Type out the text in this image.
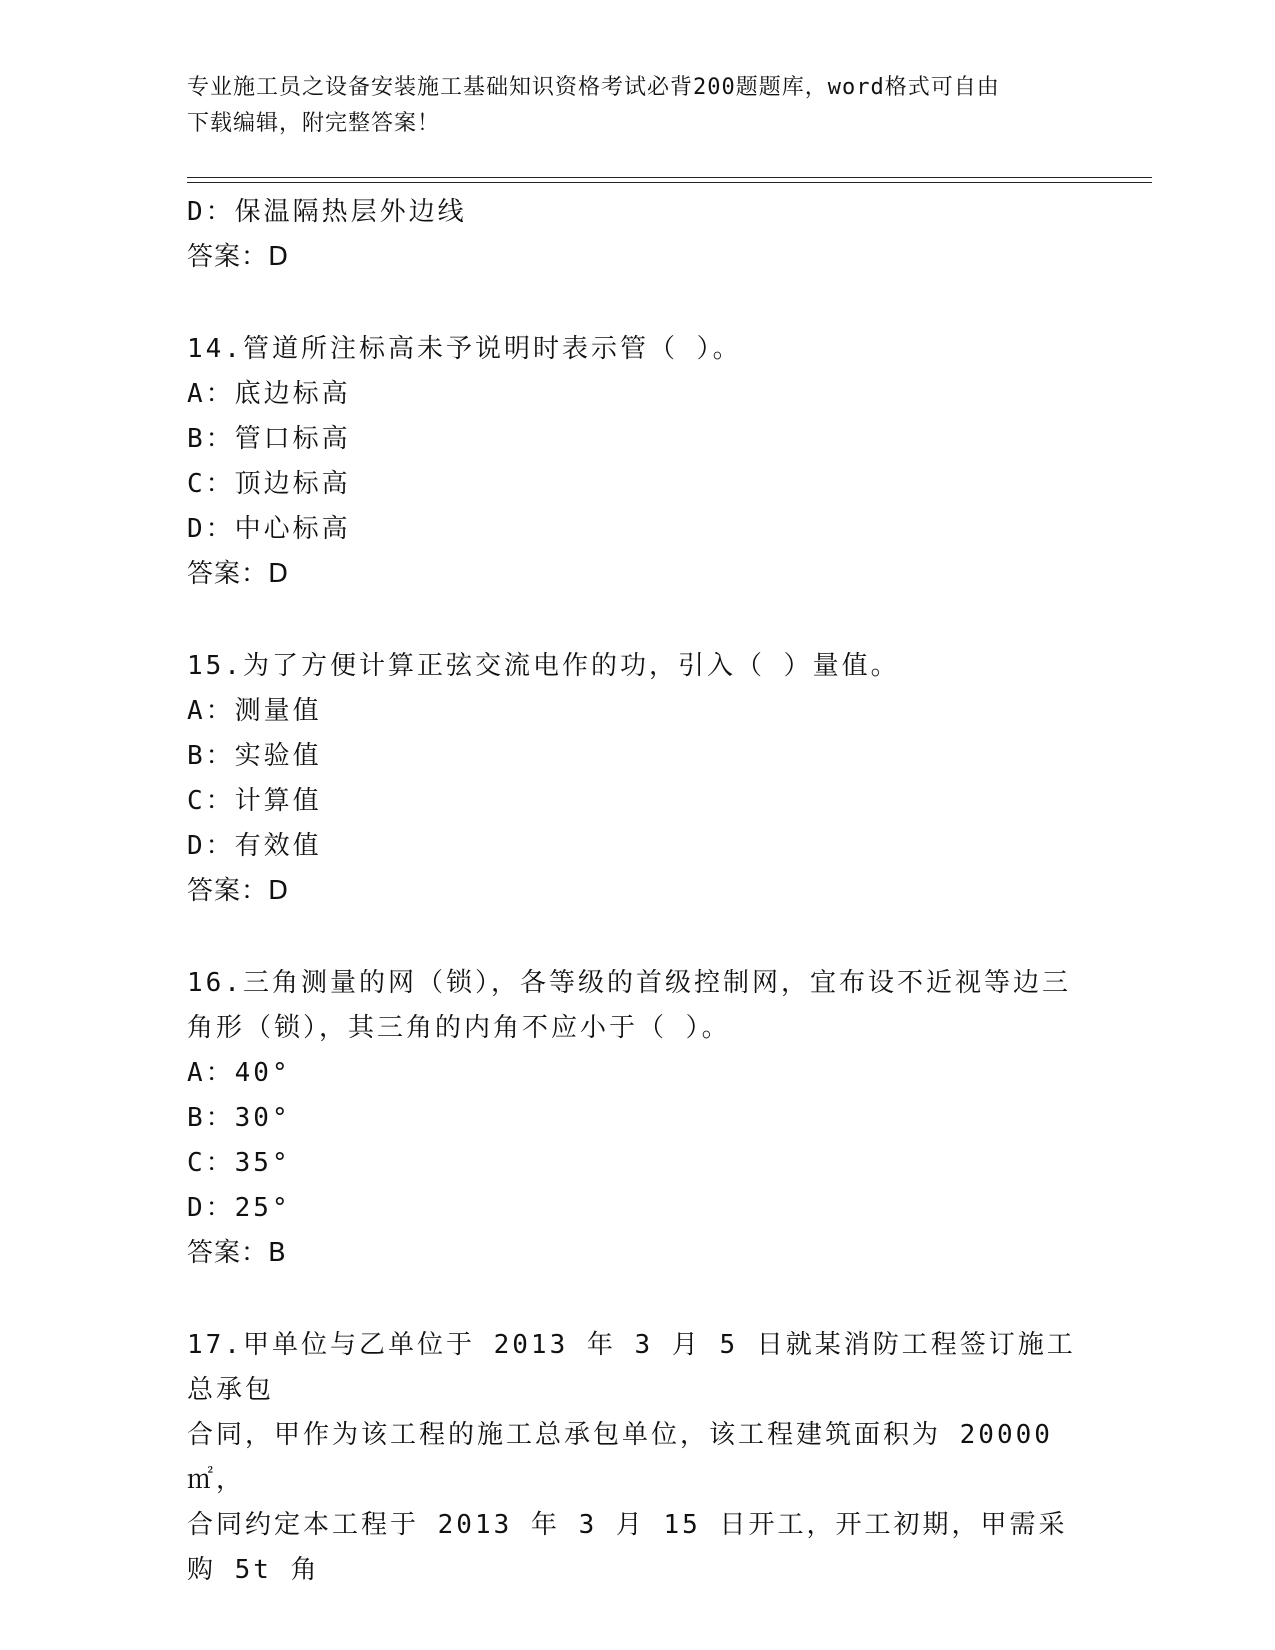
专业施工员之设备安装施工基础知识资格考试必背200题题库，word格式可自由
下载编辑，附完整答案！
D：保温隔热层外边线
答案：D
14.管道所注标高未予说明时表示管（ ）。
A：底边标高
B：管口标高
C：顶边标高
D：中心标高
答案：D
15.为了方便计算正弦交流电作的功，引入（ ）量值。
A：测量值
B：实验值
C：计算值
D：有效值
答案：D
16.三角测量的网（锁），各等级的首级控制网，宜布设不近视等边三
角形（锁），其三角的内角不应小于（ ）。
A：40°
B：30°
C：35°
D：25°
答案：B
17.甲单位与乙单位于 2013 年 3 月 5 日就某消防工程签订施工总承包
合同，甲作为该工程的施工总承包单位，该工程建筑面积为 20000㎡，
合同约定本工程于 2013 年 3 月 15 日开工，开工初期，甲需采购 5t 角
